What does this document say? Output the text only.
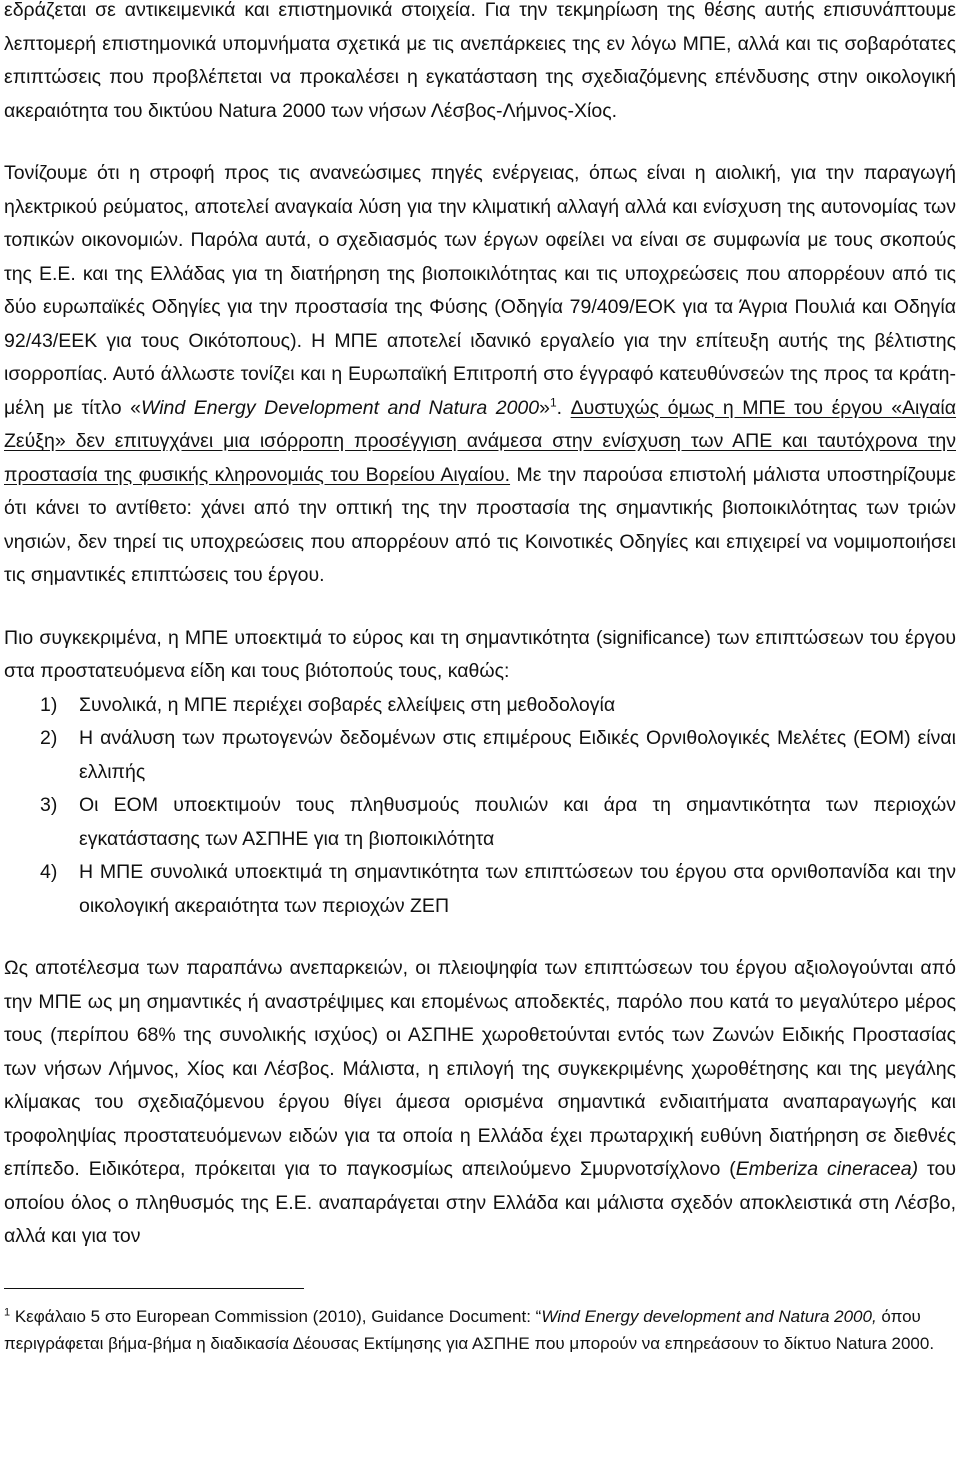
εδράζεται σε αντικειμενικά και επιστημονικά στοιχεία. Για την τεκμηρίωση της θέσης αυτής επισυνάπτουμε λεπτομερή επιστημονικά υπομνήματα σχετικά με τις ανεπάρκειες της εν λόγω ΜΠΕ, αλλά και τις σοβαρότατες επιπτώσεις που προβλέπεται να προκαλέσει η εγκατάσταση της σχεδιαζόμενης επένδυσης στην οικολογική ακεραιότητα του δικτύου Natura 2000 των νήσων Λέσβος-Λήμνος-Χίος.

Τονίζουμε ότι η στροφή προς τις ανανεώσιμες πηγές ενέργειας, όπως είναι η αιολική, για την παραγωγή ηλεκτρικού ρεύματος, αποτελεί αναγκαία λύση για την κλιματική αλλαγή αλλά και ενίσχυση της αυτονομίας των τοπικών οικονομιών. Παρόλα αυτά, ο σχεδιασμός των έργων οφείλει να είναι σε συμφωνία με τους σκοπούς της Ε.Ε. και της Ελλάδας για τη διατήρηση της βιοποικιλότητας και τις υποχρεώσεις που απορρέουν από τις δύο ευρωπαϊκές Οδηγίες για την προστασία της Φύσης (Οδηγία 79/409/ΕΟΚ για τα Άγρια Πουλιά και Οδηγία 92/43/ΕΕΚ για τους Οικότοπους). Η ΜΠΕ αποτελεί ιδανικό εργαλείο για την επίτευξη αυτής της βέλτιστης ισορροπίας. Αυτό άλλωστε τονίζει και η Ευρωπαϊκή Επιτροπή στο έγγραφό κατευθύνσεών της προς τα κράτη-μέλη με τίτλο «Wind Energy Development and Natura 2000»$^1$. Δυστυχώς όμως η ΜΠΕ του έργου «Αιγαία Ζεύξη» δεν επιτυγχάνει μια ισόρροπη προσέγγιση ανάμεσα στην ενίσχυση των ΑΠΕ και ταυτόχρονα την προστασία της φυσικής κληρονομιάς του Βορείου Αιγαίου. Με την παρούσα επιστολή μάλιστα υποστηρίζουμε ότι κάνει το αντίθετο: χάνει από την οπτική της την προστασία της σημαντικής βιοποικιλότητας των τριών νησιών, δεν τηρεί τις υποχρεώσεις που απορρέουν από τις Κοινοτικές Οδηγίες και επιχειρεί να νομιμοποιήσει τις σημαντικές επιπτώσεις του έργου.

Πιο συγκεκριμένα, η ΜΠΕ υποεκτιμά το εύρος και τη σημαντικότητα (significance) των επιπτώσεων του έργου στα προστατευόμενα είδη και τους βιότοπούς τους, καθώς:

1) Συνολικά, η ΜΠΕ περιέχει σοβαρές ελλείψεις στη μεθοδολογία
2) Η ανάλυση των πρωτογενών δεδομένων στις επιμέρους Ειδικές Ορνιθολογικές Μελέτες (ΕΟΜ) είναι ελλιπής
3) Οι ΕΟΜ υποεκτιμούν τους πληθυσμούς πουλιών και άρα τη σημαντικότητα των περιοχών εγκατάστασης των ΑΣΠΗΕ για τη βιοποικιλότητα
4) Η ΜΠΕ συνολικά υποεκτιμά τη σημαντικότητα των επιπτώσεων του έργου στα ορνιθοπανίδα και την οικολογική ακεραιότητα των περιοχών ΖΕΠ

Ως αποτέλεσμα των παραπάνω ανεπαρκειών, οι πλειοψηφία των επιπτώσεων του έργου αξιολογούνται από την ΜΠΕ ως μη σημαντικές ή αναστρέψιμες και επομένως αποδεκτές, παρόλο που κατά το μεγαλύτερο μέρος τους (περίπου 68% της συνολικής ισχύος) οι ΑΣΠΗΕ χωροθετούνται εντός των Ζωνών Ειδικής Προστασίας των νήσων Λήμνος, Χίος και Λέσβος. Μάλιστα, η επιλογή της συγκεκριμένης χωροθέτησης και της μεγάλης κλίμακας του σχεδιαζόμενου έργου θίγει άμεσα ορισμένα σημαντικά ενδιαιτήματα αναπαραγωγής και τροφοληψίας προστατευόμενων ειδών για τα οποία η Ελλάδα έχει πρωταρχική ευθύνη διατήρηση σε διεθνές επίπεδο. Ειδικότερα, πρόκειται για το παγκοσμίως απειλούμενο Σμυρνοτσίχλονο (Emberiza cineracea) του οποίου όλος ο πληθυσμός της Ε.Ε. αναπαράγεται στην Ελλάδα και μάλιστα σχεδόν αποκλειστικά στη Λέσβο, αλλά και για τον

$^1$ Κεφάλαιο 5 στο European Commission (2010), Guidance Document: “Wind Energy development and Natura 2000, όπου περιγράφεται βήμα-βήμα η διαδικασία Δέουσας Εκτίμησης για ΑΣΠΗΕ που μπορούν να επηρεάσουν το δίκτυο Natura 2000.
